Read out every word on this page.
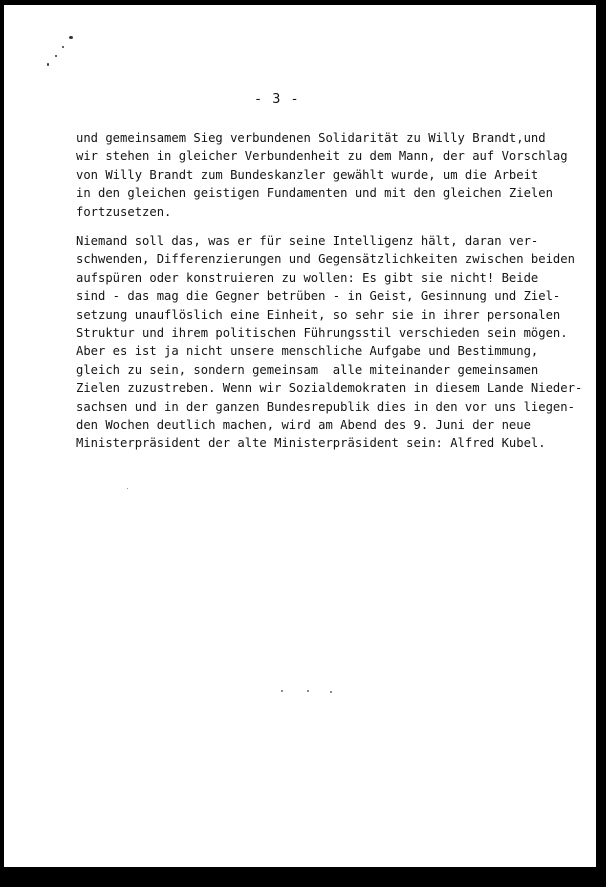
- 3 -

und gemeinsamem Sieg verbundenen Solidarität zu Willy Brandt,und
wir stehen in gleicher Verbundenheit zu dem Mann, der auf Vorschlag
von Willy Brandt zum Bundeskanzler gewählt wurde, um die Arbeit
in den gleichen geistigen Fundamenten und mit den gleichen Zielen
fortzusetzen.

Niemand soll das, was er für seine Intelligenz hält, daran ver-
schwenden, Differenzierungen und Gegensätzlichkeiten zwischen beiden
aufspüren oder konstruieren zu wollen: Es gibt sie nicht! Beide
sind - das mag die Gegner betrüben - in Geist, Gesinnung und Ziel-
setzung unauflöslich eine Einheit, so sehr sie in ihrer personalen
Struktur und ihrem politischen Führungsstil verschieden sein mögen.
Aber es ist ja nicht unsere menschliche Aufgabe und Bestimmung,
gleich zu sein, sondern gemeinsam  alle miteinander gemeinsamen
Zielen zuzustreben. Wenn wir Sozialdemokraten in diesem Lande Nieder-
sachsen und in der ganzen Bundesrepublik dies in den vor uns liegen-
den Wochen deutlich machen, wird am Abend des 9. Juni der neue
Ministerpräsident der alte Ministerpräsident sein: Alfred Kubel.
